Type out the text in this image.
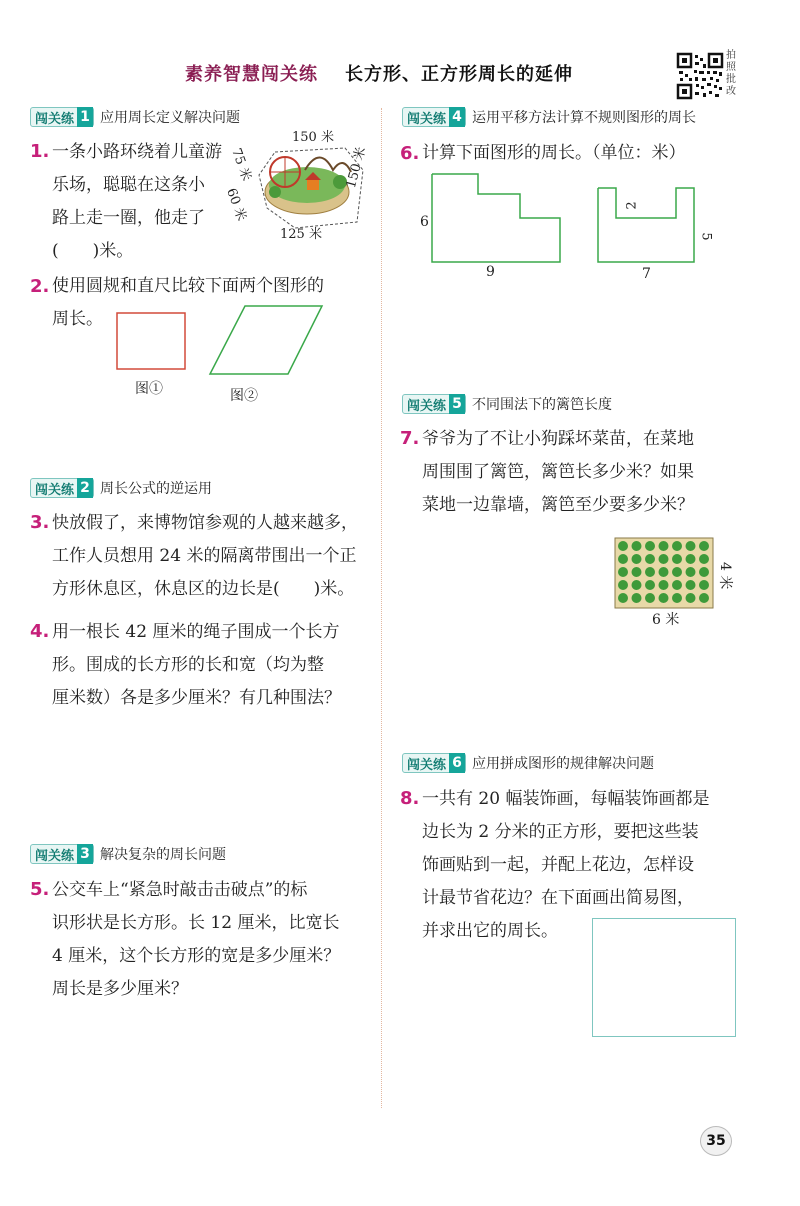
素养智慧闯关练 长方形、正方形周长的延伸
拍照批改
闯关练 1 应用周长定义解决问题
1. 一条小路环绕着儿童游
乐场，聪聪在这条小
路上走一圈，他走了
(　　)米。
150 米
150 米
125 米
75 米
60 米
2. 使用圆规和直尺比较下面两个图形的
周长。
图①	图②
闯关练 2 周长公式的逆运用
3. 快放假了，来博物馆参观的人越来越多，
工作人员想用 24 米的隔离带围出一个正
方形休息区，休息区的边长是(　　)米。
4. 用一根长 42 厘米的绳子围成一个长方
形。围成的长方形的长和宽（均为整
厘米数）各是多少厘米？有几种围法？
闯关练 3 解决复杂的周长问题
5. 公交车上“紧急时敲击击破点”的标
识形状是长方形。长 12 厘米，比宽长
4 厘米，这个长方形的宽是多少厘米？
周长是多少厘米？
闯关练 4 运用平移方法计算不规则图形的周长
6. 计算下面图形的周长。（单位：米）
6
9
2
5
7
闯关练 5 不同围法下的篱笆长度
7. 爷爷为了不让小狗踩坏菜苗，在菜地
周围围了篱笆，篱笆长多少米？如果
菜地一边靠墙，篱笆至少要多少米？
6 米
4 米
闯关练 6 应用拼成图形的规律解决问题
8. 一共有 20 幅装饰画，每幅装饰画都是
边长为 2 分米的正方形，要把这些装
饰画贴到一起，并配上花边，怎样设
计最节省花边？在下面画出简易图，
并求出它的周长。
35
